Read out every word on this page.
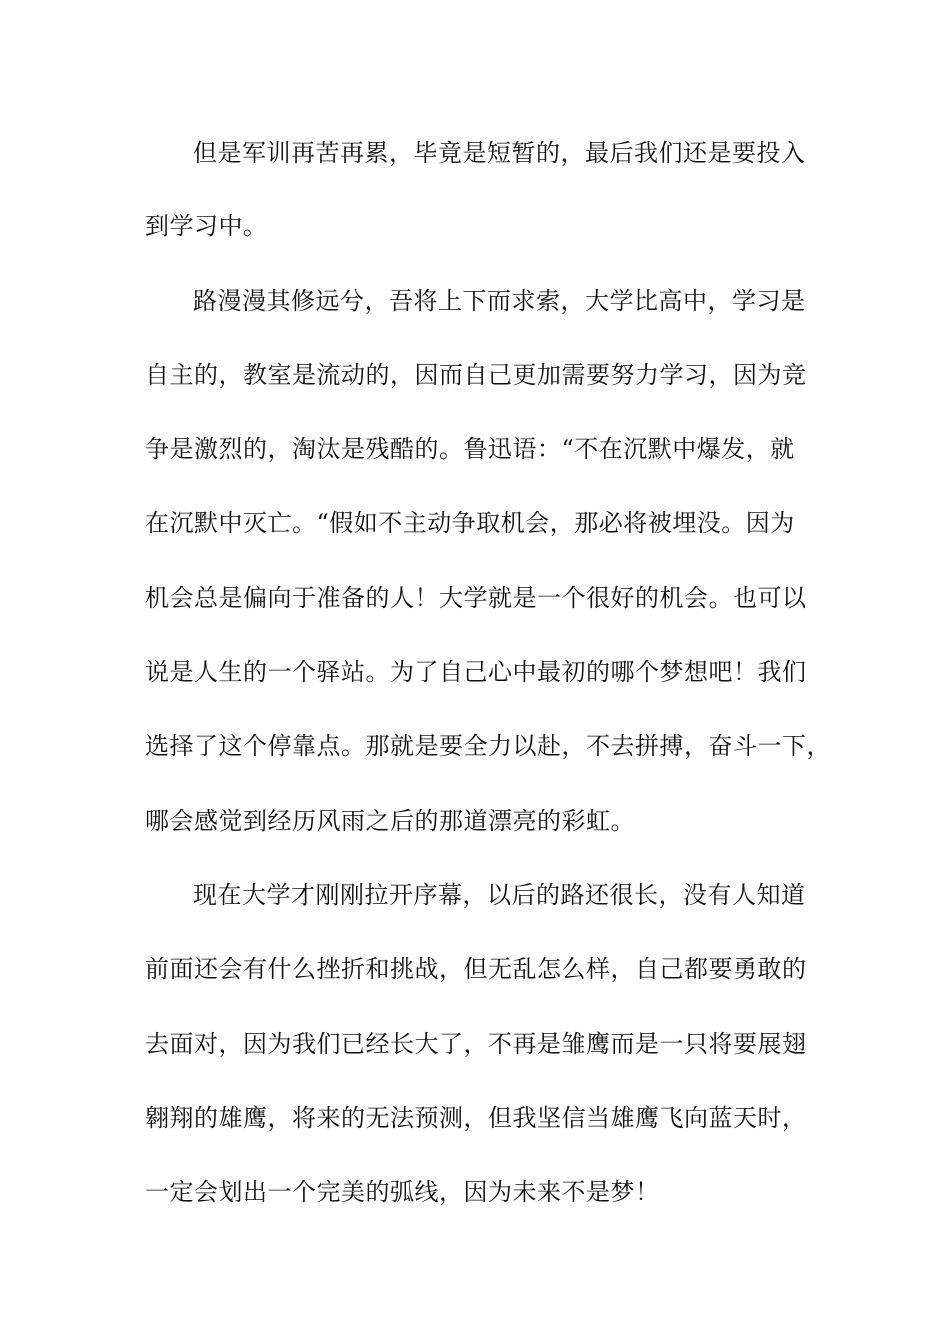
但是军训再苦再累，毕竟是短暂的，最后我们还是要投入
到学习中。
路漫漫其修远兮，吾将上下而求索，大学比高中，学习是
自主的，教室是流动的，因而自己更加需要努力学习，因为竞
争是激烈的，淘汰是残酷的。鲁迅语：“不在沉默中爆发，就
在沉默中灭亡。“假如不主动争取机会，那必将被埋没。因为
机会总是偏向于准备的人！大学就是一个很好的机会。也可以
说是人生的一个驿站。为了自己心中最初的哪个梦想吧！我们
选择了这个停靠点。那就是要全力以赴，不去拼搏，奋斗一下，
哪会感觉到经历风雨之后的那道漂亮的彩虹。
现在大学才刚刚拉开序幕，以后的路还很长，没有人知道
前面还会有什么挫折和挑战，但无乱怎么样，自己都要勇敢的
去面对，因为我们已经长大了，不再是雏鹰而是一只将要展翅
翱翔的雄鹰，将来的无法预测，但我坚信当雄鹰飞向蓝天时，
一定会划出一个完美的弧线，因为未来不是梦！
